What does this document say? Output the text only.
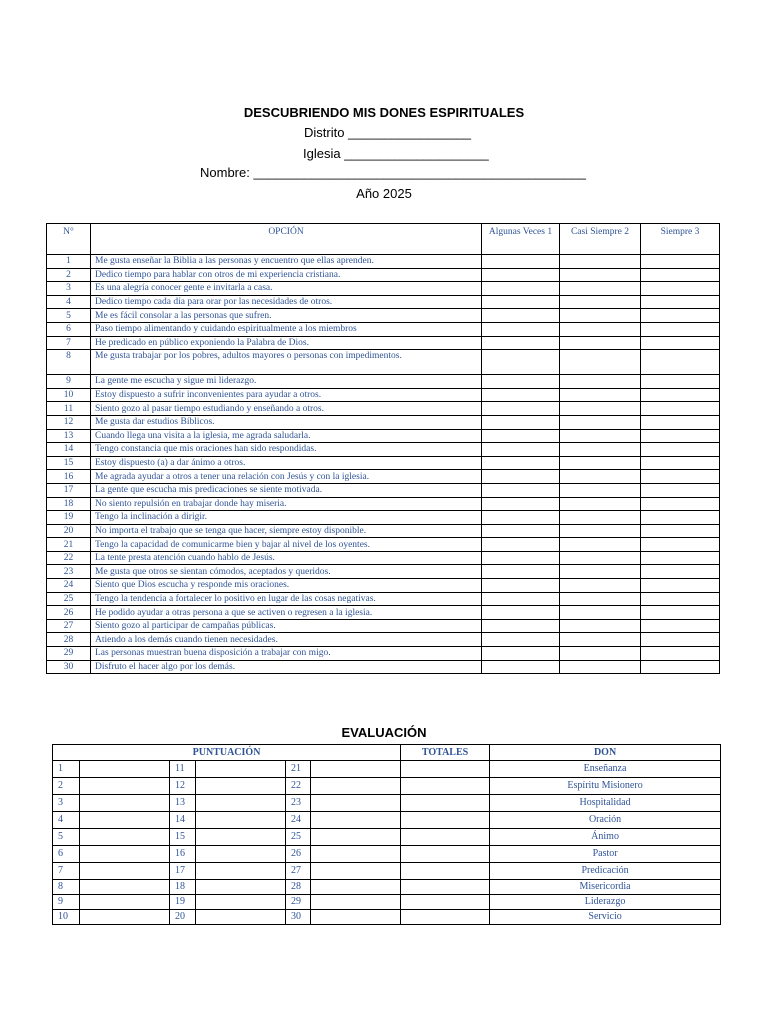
DESCUBRIENDO MIS DONES ESPIRITUALES
Distrito _________________
Iglesia ____________________
Nombre: ______________________________________________
Año 2025
N°	OPCIÓN	Algunas Veces 1	Casi Siempre 2	Siempre 3
1	Me gusta enseñar la Biblia a las personas y encuentro que ellas aprenden.			
2	Dedico tiempo para hablar con otros de mi experiencia cristiana.			
3	Es una alegría conocer gente e invitarla a casa.			
4	Dedico tiempo cada día para orar por las necesidades de otros.			
5	Me es fácil consolar a las personas que sufren.			
6	Paso tiempo alimentando y cuidando espiritualmente a los miembros			
7	He predicado en público exponiendo la Palabra de Dios.			
8	Me gusta trabajar por los pobres, adultos mayores o personas con impedimentos.			
9	La gente me escucha y sigue mi liderazgo.			
10	Estoy dispuesto a sufrir inconvenientes para ayudar a otros.			
11	Siento gozo al pasar tiempo estudiando y enseñando a otros.			
12	Me gusta dar estudios Bíblicos.			
13	Cuando llega una visita a la iglesia, me agrada saludarla.			
14	Tengo constancia que mis oraciones han sido respondidas.			
15	Estoy dispuesto (a) a dar ánimo a otros.			
16	Me agrada ayudar a otros a tener una relación con Jesús y con la iglesia.			
17	La gente que escucha mis predicaciones se siente motivada.			
18	No siento repulsión en trabajar donde hay miseria.			
19	Tengo la inclinación a dirigir.			
20	No importa el trabajo que se tenga que hacer, siempre estoy disponible.			
21	Tengo la capacidad de comunicarme bien y bajar al nivel de los oyentes.			
22	La tente presta atención cuando hablo de Jesús.			
23	Me gusta que otros se sientan cómodos, aceptados y queridos.			
24	Siento que Dios escucha y responde mis oraciones.			
25	Tengo la tendencia a fortalecer lo positivo en lugar de las cosas negativas.			
26	He podido ayudar a otras persona a que se activen o regresen a la iglesia.			
27	Siento gozo al participar de campañas públicas.			
28	Atiendo a los demás cuando tienen necesidades.			
29	Las personas muestran buena disposición a trabajar con migo.			
30	Disfruto el hacer algo por los demás.			
EVALUACIÓN
PUNTUACIÓN						TOTALES	DON
1		11		21			Enseñanza
2		12		22			Espíritu Misionero
3		13		23			Hospitalidad
4		14		24			Oración
5		15		25			Ánimo
6		16		26			Pastor
7		17		27			Predicación
8		18		28			Misericordia
9		19		29			Liderazgo
10		20		30			Servicio
